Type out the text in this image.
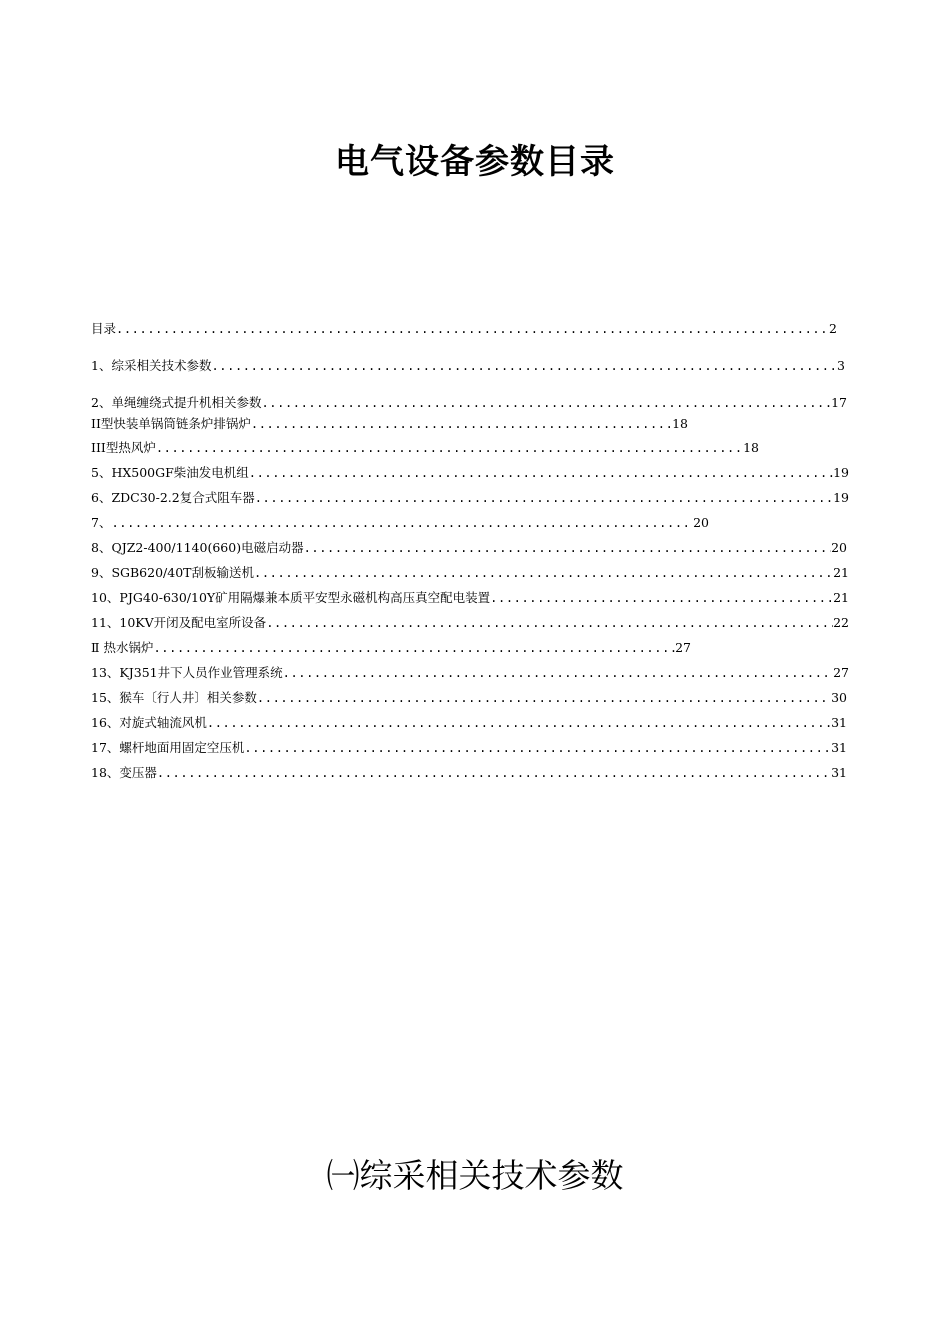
电气设备参数目录
目录 .....	2
1、综采相关技术参数 .....	3
2、单绳缠绕式提升机相关参数 .....	17
II型快装单锅筒链条炉排锅炉 .....	18
III型热风炉 .....	18
5、HX500GF柴油发电机组 .....	19
6、ZDC30-2.2复合式阻车器 .....	19
7、 .....	20
8、QJZ2-400/1140(660)电磁启动器 .....	20
9、SGB620/40T刮板输送机 .....	21
10、PJG40-630/10Y矿用隔爆兼本质平安型永磁机构高压真空配电装置 .....	21
11、10KV开闭及配电室所设备 .....	22
Ⅱ 热水锅炉 .....	27
13、KJ351井下人员作业管理系统 .....	27
15、猴车〔行人井〕相关参数 .....	30
16、对旋式轴流风机 .....	31
17、螺杆地面用固定空压机 .....	31
18、变压器 .....	31
㈠综采相关技术参数
